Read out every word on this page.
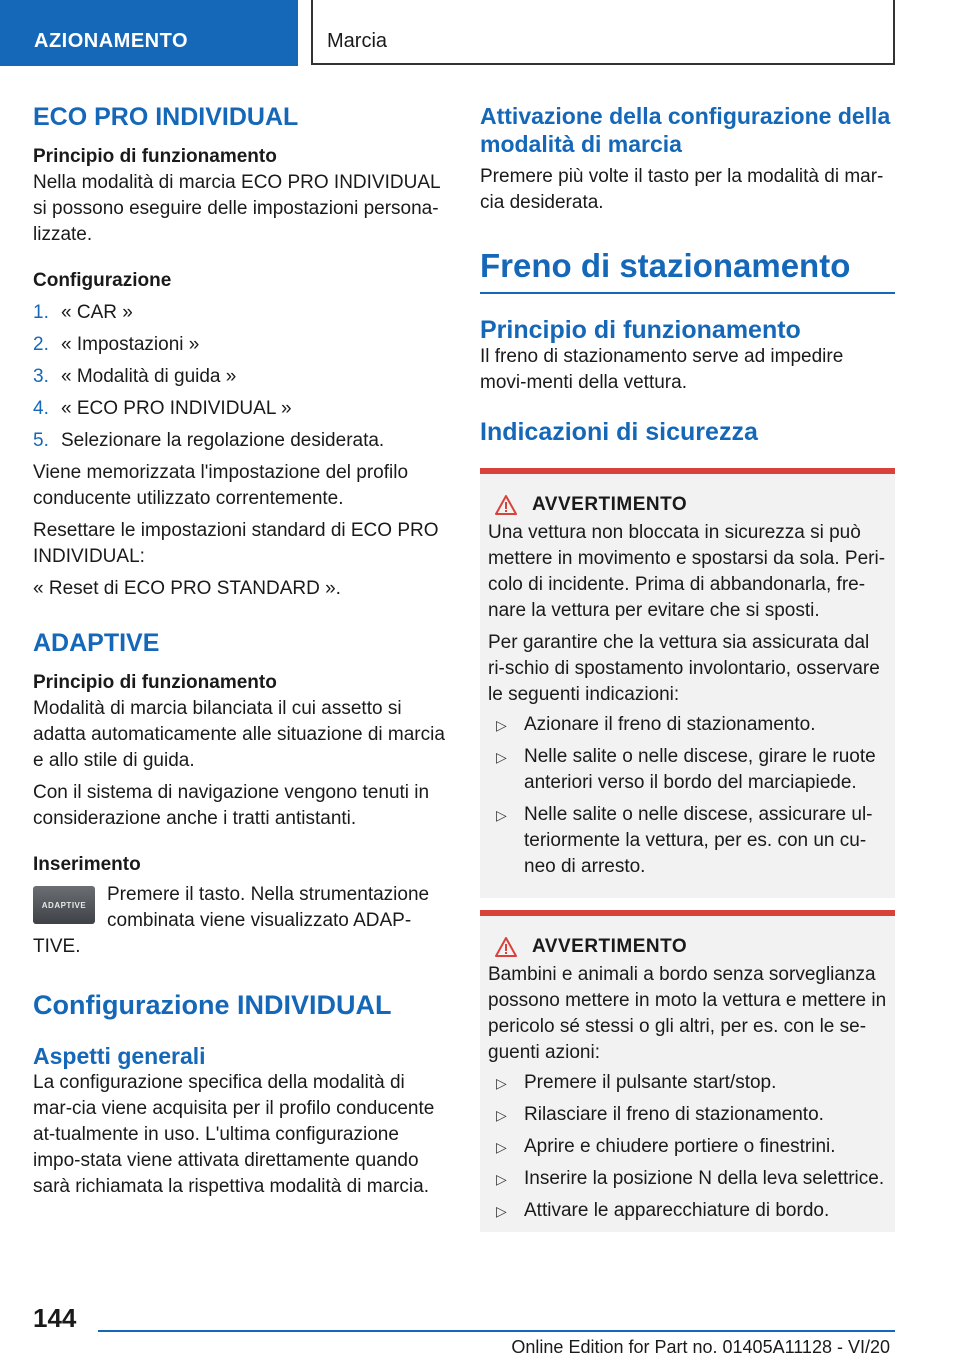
AZIONAMENTO	Marcia
ECO PRO INDIVIDUAL

Principio di funzionamento

Nella modalità di marcia ECO PRO INDIVIDUAL si possono eseguire delle impostazioni persona-lizzate.

Configurazione

1. « CAR »
2. « Impostazioni »
3. « Modalità di guida »
4. « ECO PRO INDIVIDUAL »
5. Selezionare la regolazione desiderata.

Viene memorizzata l'impostazione del profilo conducente utilizzato correntemente.

Resettare le impostazioni standard di ECO PRO INDIVIDUAL:

« Reset di ECO PRO STANDARD ».

ADAPTIVE

Principio di funzionamento

Modalità di marcia bilanciata il cui assetto si adatta automaticamente alle situazione di marcia e allo stile di guida.

Con il sistema di navigazione vengono tenuti in considerazione anche i tratti antistanti.

Inserimento

ADAPTIVE	Premere il tasto. Nella strumentazione combinata viene visualizzato ADAP-TIVE.

Configurazione INDIVIDUAL
Aspetti generali

La configurazione specifica della modalità di mar-cia viene acquisita per il profilo conducente at-tualmente in uso. L'ultima configurazione impo-stata viene attivata direttamente quando sarà richiamata la rispettiva modalità di marcia.

Attivazione della configurazione della modalità di marcia

Premere più volte il tasto per la modalità di mar-cia desiderata.

Freno di stazionamento
Principio di funzionamento

Il freno di stazionamento serve ad impedire movi-menti della vettura.

Indicazioni di sicurezza
AVVERTIMENTO

Una vettura non bloccata in sicurezza si può mettere in movimento e spostarsi da sola. Peri-colo di incidente. Prima di abbandonarla, fre-nare la vettura per evitare che si sposti.

Per garantire che la vettura sia assicurata dal ri-schio di spostamento involontario, osservare le seguenti indicazioni:

▷ Azionare il freno di stazionamento.
▷ Nelle salite o nelle discese, girare le ruote anteriori verso il bordo del marciapiede.
▷ Nelle salite o nelle discese, assicurare ul-teriormente la vettura, per es. con un cu-neo di arresto.
AVVERTIMENTO

Bambini e animali a bordo senza sorveglianza possono mettere in moto la vettura e mettere in pericolo sé stessi o gli altri, per es. con le se-guenti azioni:

▷ Premere il pulsante start/stop.
▷ Rilasciare il freno di stazionamento.
▷ Aprire e chiudere portiere o finestrini.
▷ Inserire la posizione N della leva selettrice.
▷ Attivare le apparecchiature di bordo.
144
Online Edition for Part no. 01405A11128 - VI/20
